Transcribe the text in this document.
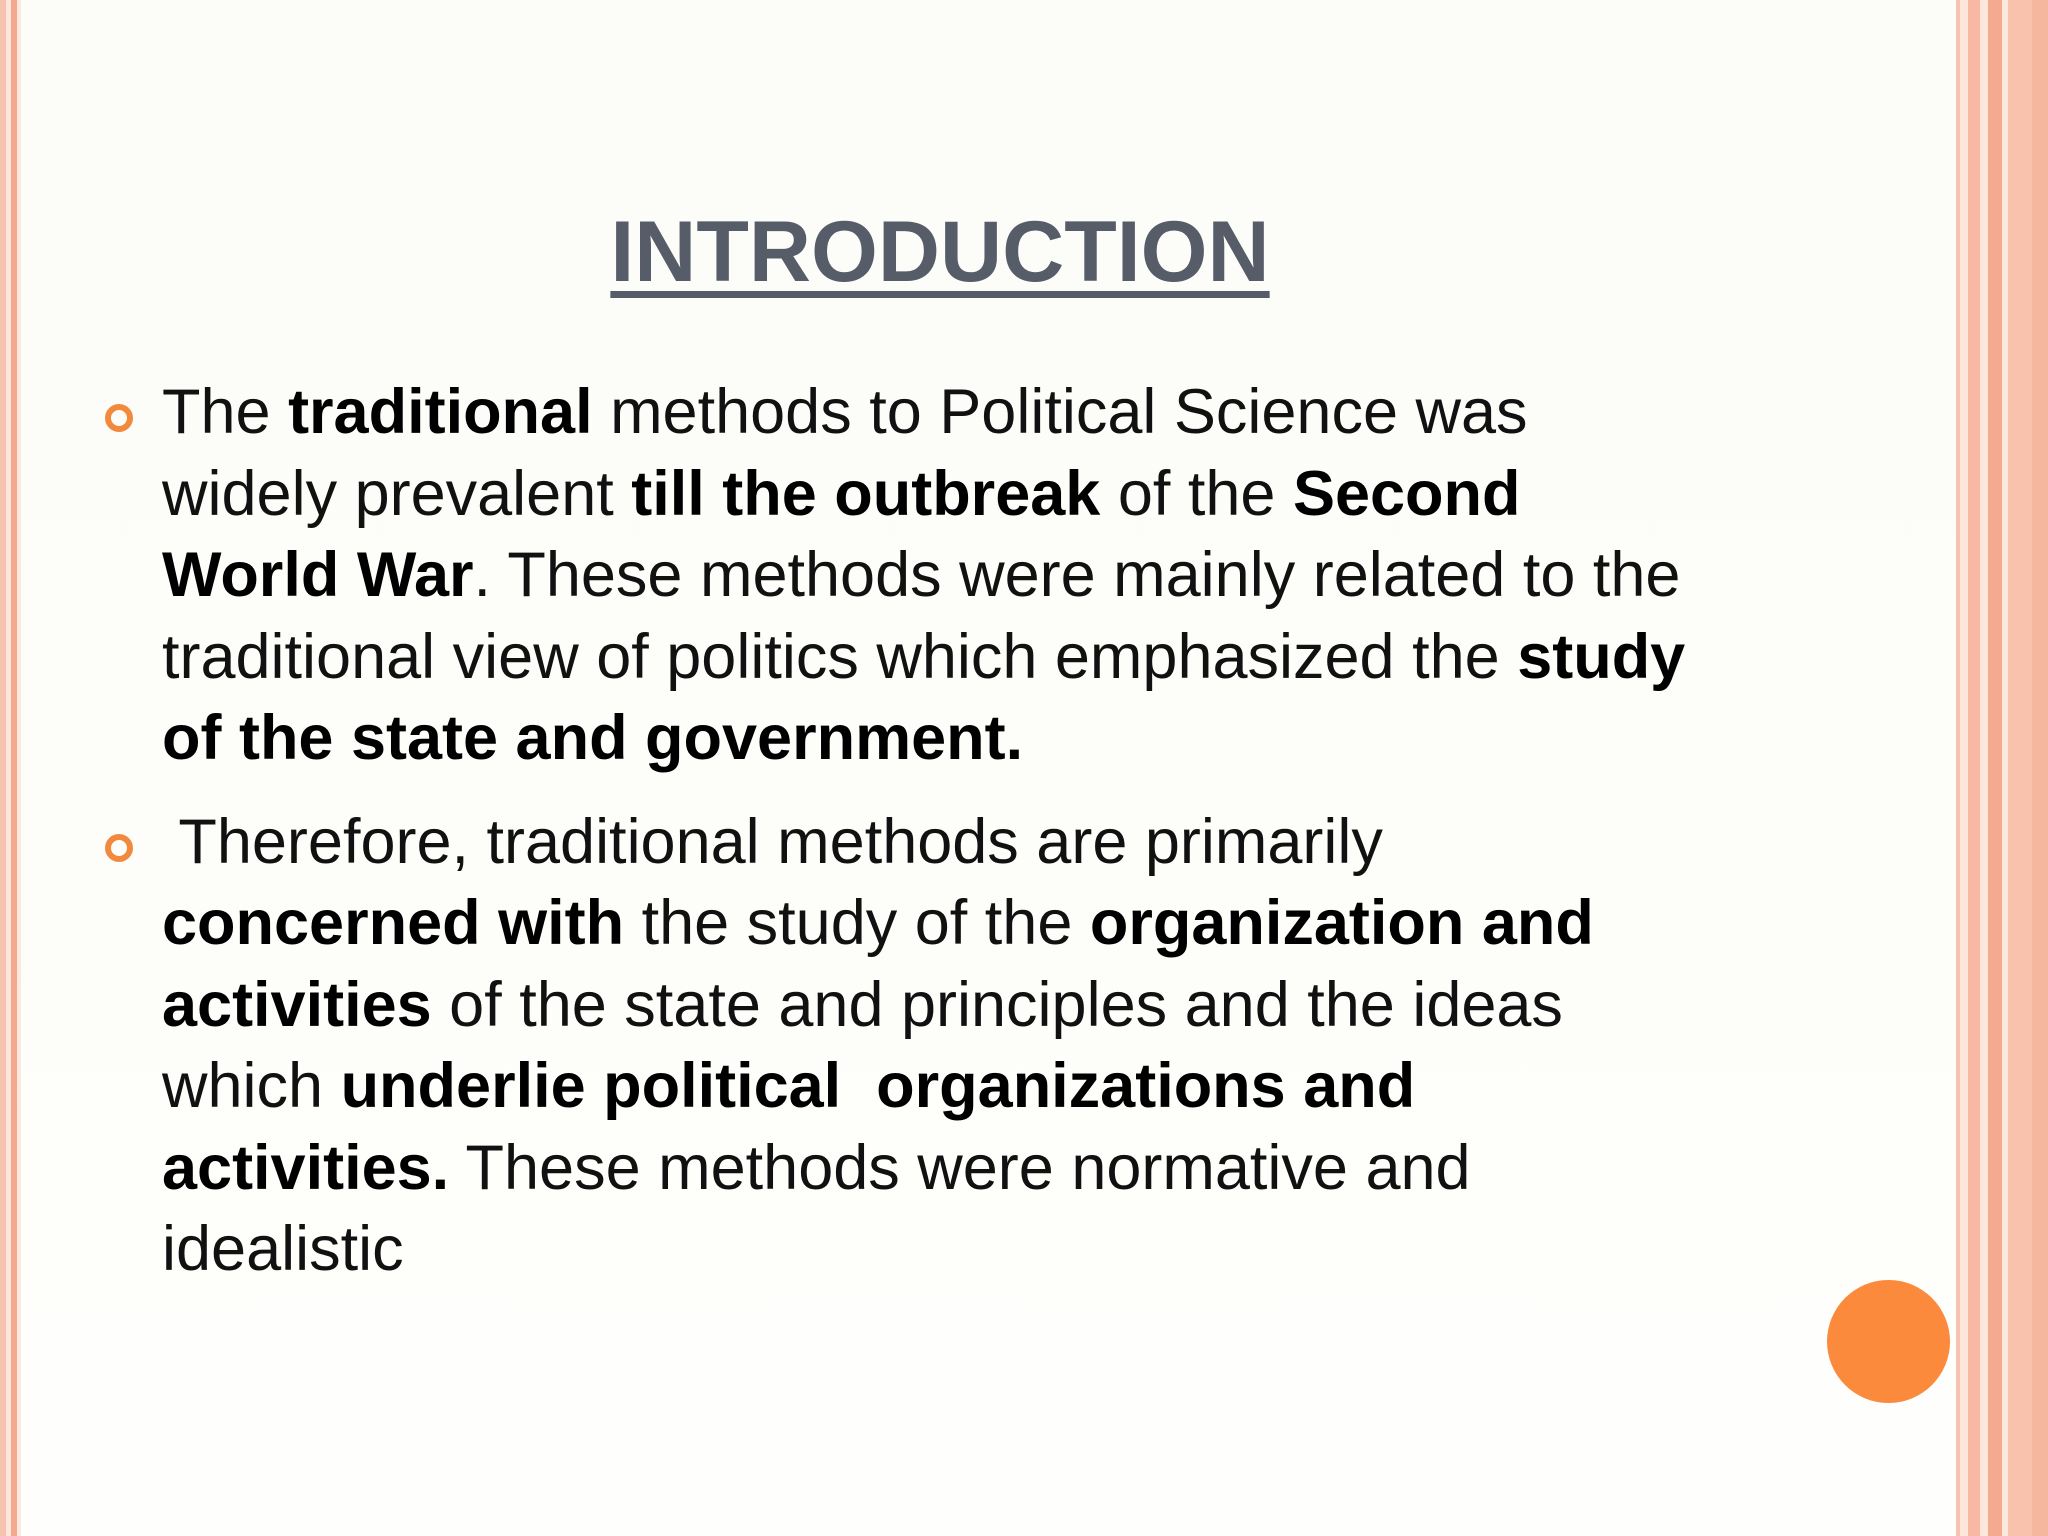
INTRODUCTION
The traditional methods to Political Science was
widely prevalent till the outbreak of the Second
World War. These methods were mainly related to the
traditional view of politics which emphasized the study
of the state and government.
Therefore, traditional methods are primarily
concerned with the study of the organization and
activities of the state and principles and the ideas
which underlie political  organizations and
activities. These methods were normative and
idealistic
